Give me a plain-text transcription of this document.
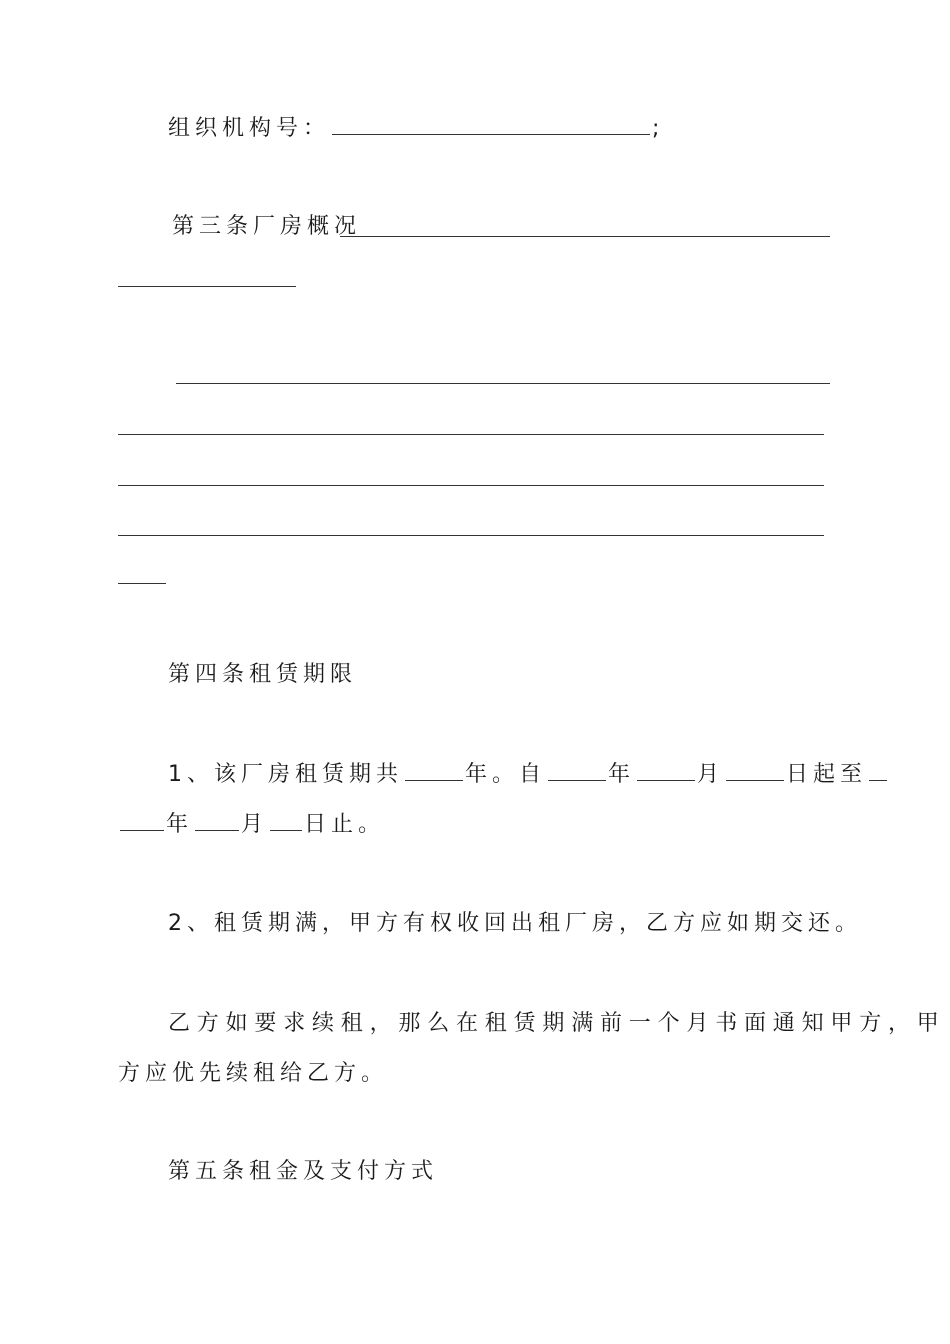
组织机构号：	;
第三条厂房概况
第四条租赁期限
1、该厂房租赁期共	年。自	年	月	日起至
年 月 日止。
2、租赁期满，甲方有权收回出租厂房，乙方应如期交还。
乙方如要求续租，那么在租赁期满前一个月书面通知甲方，甲
方应优先续租给乙方。
第五条租金及支付方式
